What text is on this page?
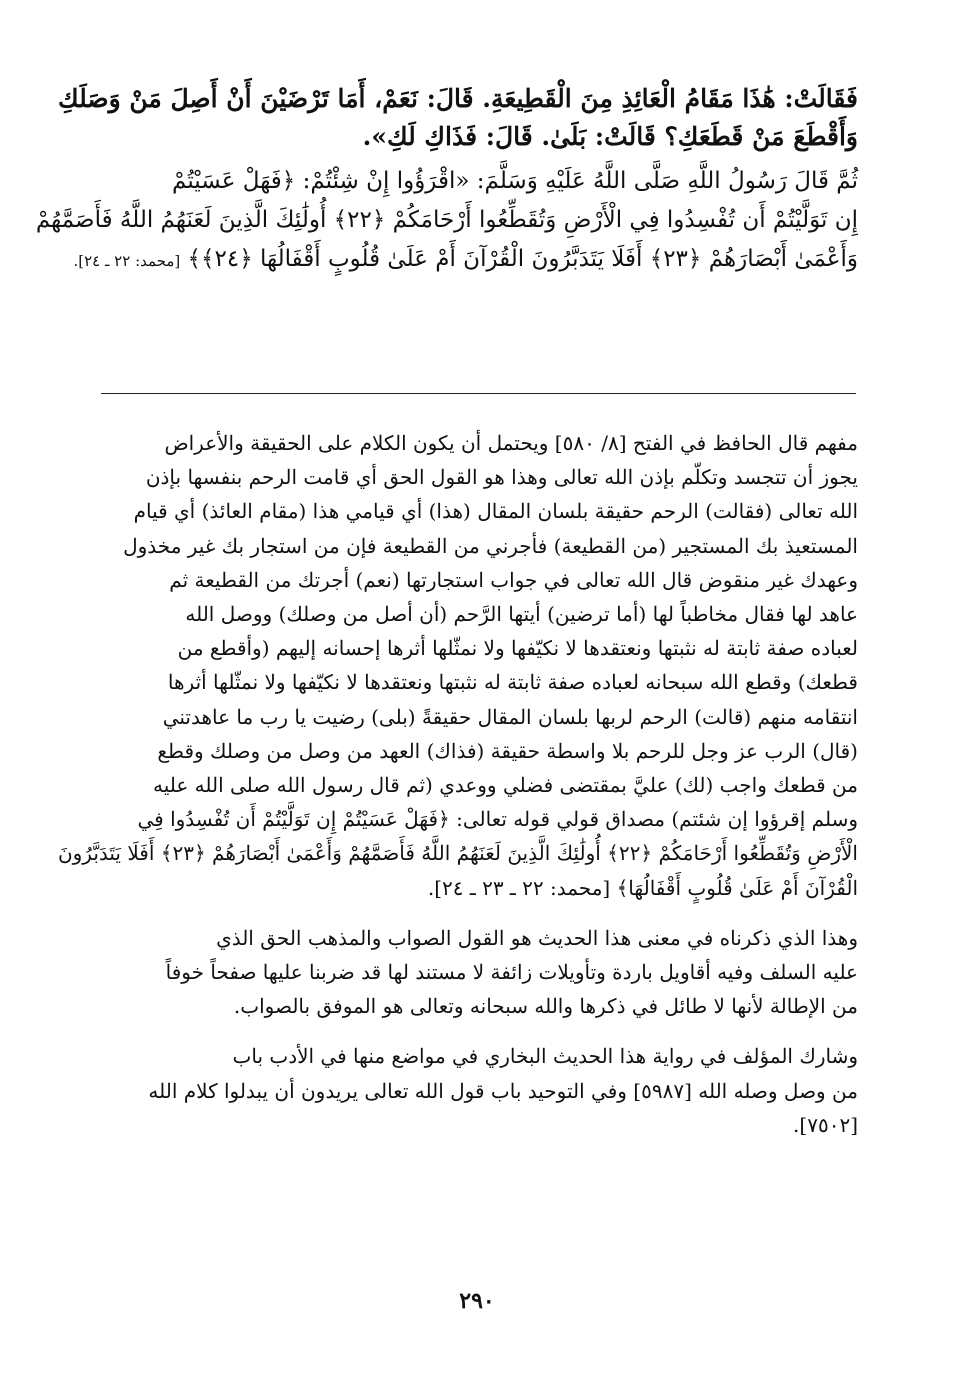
فَقَالَتْ: هَٰذَا مَقَامُ الْعَائِذِ مِنَ الْقَطِيعَةِ. قَالَ: نَعَمْ، أَمَا تَرْضَيْنَ أَنْ أَصِلَ مَنْ وَصَلَكِ
وَأَقْطَعَ مَنْ قَطَعَكِ؟ قَالَتْ: بَلَىٰ. قَالَ: فَذَاكِ لَكِ».
ثُمَّ قَالَ رَسُولُ اللَّهِ صَلَّى اللَّهُ عَلَيْهِ وَسَلَّمَ: «اقْرَؤُوا إِنْ شِئْتُمْ: ﴿فَهَلْ عَسَيْتُمْ
إِن تَوَلَّيْتُمْ أَن تُفْسِدُوا فِي الْأَرْضِ وَتُقَطِّعُوا أَرْحَامَكُمْ ﴿٢٢﴾ أُولَٰئِكَ الَّذِينَ لَعَنَهُمُ اللَّهُ فَأَصَمَّهُمْ
وَأَعْمَىٰ أَبْصَارَهُمْ ﴿٢٣﴾ أَفَلَا يَتَدَبَّرُونَ الْقُرْآنَ أَمْ عَلَىٰ قُلُوبٍ أَقْفَالُهَا ﴿٢٤﴾﴾ [محمد: ٢٢ ـ ٢٤].

مفهم قال الحافظ في الفتح [٨/ ٥٨٠] ويحتمل أن يكون الكلام على الحقيقة والأعراض
يجوز أن تتجسد وتكلّم بإذن الله تعالى وهذا هو القول الحق أي قامت الرحم بنفسها بإذن
الله تعالى (فقالت) الرحم حقيقة بلسان المقال (هذا) أي قيامي هذا (مقام العائذ) أي قيام
المستعيذ بك المستجير (من القطيعة) فأجرني من القطيعة فإن من استجار بك غير مخذول
وعهدك غير منقوض قال الله تعالى في جواب استجارتها (نعم) أجرتك من القطيعة ثم
عاهد لها فقال مخاطباً لها (أما ترضين) أيتها الرَّحم (أن أصل من وصلك) ووصل الله
لعباده صفة ثابتة له نثبتها ونعتقدها لا نكيّفها ولا نمثّلها أثرها إحسانه إليهم (وأقطع من
قطعك) وقطع الله سبحانه لعباده صفة ثابتة له نثبتها ونعتقدها لا نكيّفها ولا نمثّلها أثرها
انتقامه منهم (قالت) الرحم لربها بلسان المقال حقيقةً (بلى) رضيت يا رب ما عاهدتني
(قال) الرب عز وجل للرحم بلا واسطة حقيقة (فذاك) العهد من وصل من وصلك وقطع
من قطعك واجب (لك) عليَّ بمقتضى فضلي ووعدي (ثم قال رسول الله صلى الله عليه
وسلم إقرؤوا إن شئتم) مصداق قولي قوله تعالى: ﴿فَهَلْ عَسَيْتُمْ إِن تَوَلَّيْتُمْ أَن تُفْسِدُوا فِي
الْأَرْضِ وَتُقَطِّعُوا أَرْحَامَكُمْ ﴿٢٢﴾ أُولَٰئِكَ الَّذِينَ لَعَنَهُمُ اللَّهُ فَأَصَمَّهُمْ وَأَعْمَىٰ أَبْصَارَهُمْ ﴿٢٣﴾ أَفَلَا يَتَدَبَّرُونَ
الْقُرْآنَ أَمْ عَلَىٰ قُلُوبٍ أَقْفَالُهَا﴾ [محمد: ٢٢ ـ ٢٣ ـ ٢٤].

وهذا الذي ذكرناه في معنى هذا الحديث هو القول الصواب والمذهب الحق الذي
عليه السلف وفيه أقاويل باردة وتأويلات زائفة لا مستند لها قد ضربنا عليها صفحاً خوفاً
من الإطالة لأنها لا طائل في ذكرها والله سبحانه وتعالى هو الموفق بالصواب.

وشارك المؤلف في رواية هذا الحديث البخاري في مواضع منها في الأدب باب
من وصل وصله الله [٥٩٨٧] وفي التوحيد باب قول الله تعالى يريدون أن يبدلوا كلام الله
[٧٥٠٢].

٢٩٠
